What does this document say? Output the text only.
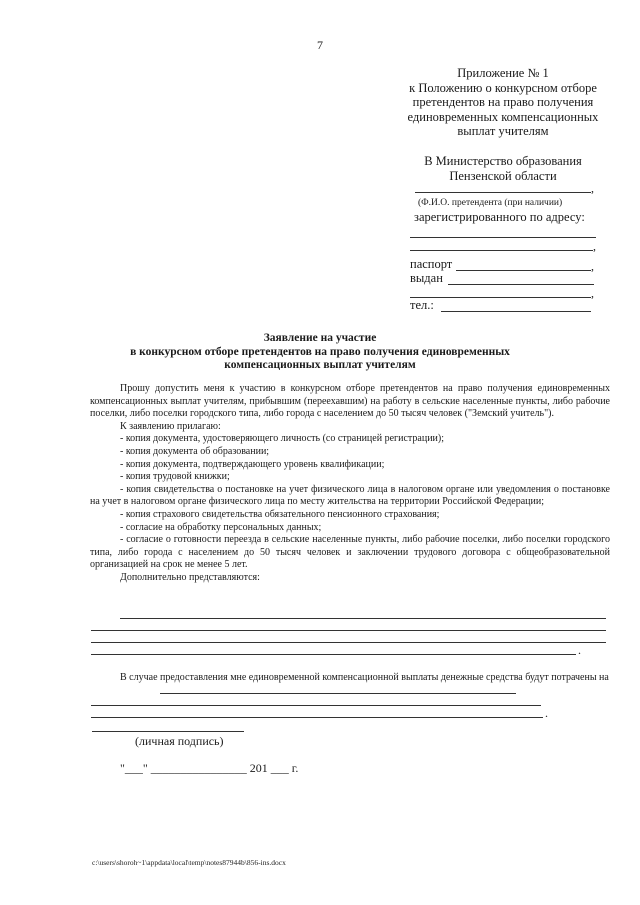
7
Приложение № 1
к Положению о конкурсном отборе
претендентов на право получения
единовременных компенсационных
выплат учителям
В Министерство образования
Пензенской области
,
(Ф.И.О. претендента (при наличии)
зарегистрированного по адресу:
,
паспорт	,
выдан
,
тел.:
Заявление на участие
в конкурсном отборе претендентов на право получения единовременных
компенсационных выплат учителям
Прошу допустить меня к участию в конкурсном отборе претендентов на право получения единовременных компенсационных выплат учителям, прибывшим (переехавшим) на работу в сельские населенные пункты, либо рабочие поселки, либо поселки городского типа, либо города с населением до 50 тысяч человек ("Земский учитель").
К заявлению прилагаю:
- копия документа, удостоверяющего личность (со страницей регистрации);
- копия документа об образовании;
- копия документа, подтверждающего уровень квалификации;
- копия трудовой книжки;
- копия свидетельства о постановке на учет физического лица в налоговом органе или уведомления о постановке на учет в налоговом органе физического лица по месту жительства на территории Российской Федерации;
- копия страхового свидетельства обязательного пенсионного страхования;
- согласие на обработку персональных данных;
- согласие о готовности переезда в сельские населенные пункты, либо рабочие поселки, либо поселки городского типа, либо города с населением до 50 тысяч человек и заключении трудового договора с общеобразовательной организацией на срок не менее 5 лет.
Дополнительно представляются:
.
В случае предоставления мне единовременной компенсационной выплаты денежные средства будут потрачены на
.
(личная подпись)
"___" ________________ 201 ___ г.
c:\users\shoroh~1\appdata\local\temp\notes87944b\856-ins.docx
